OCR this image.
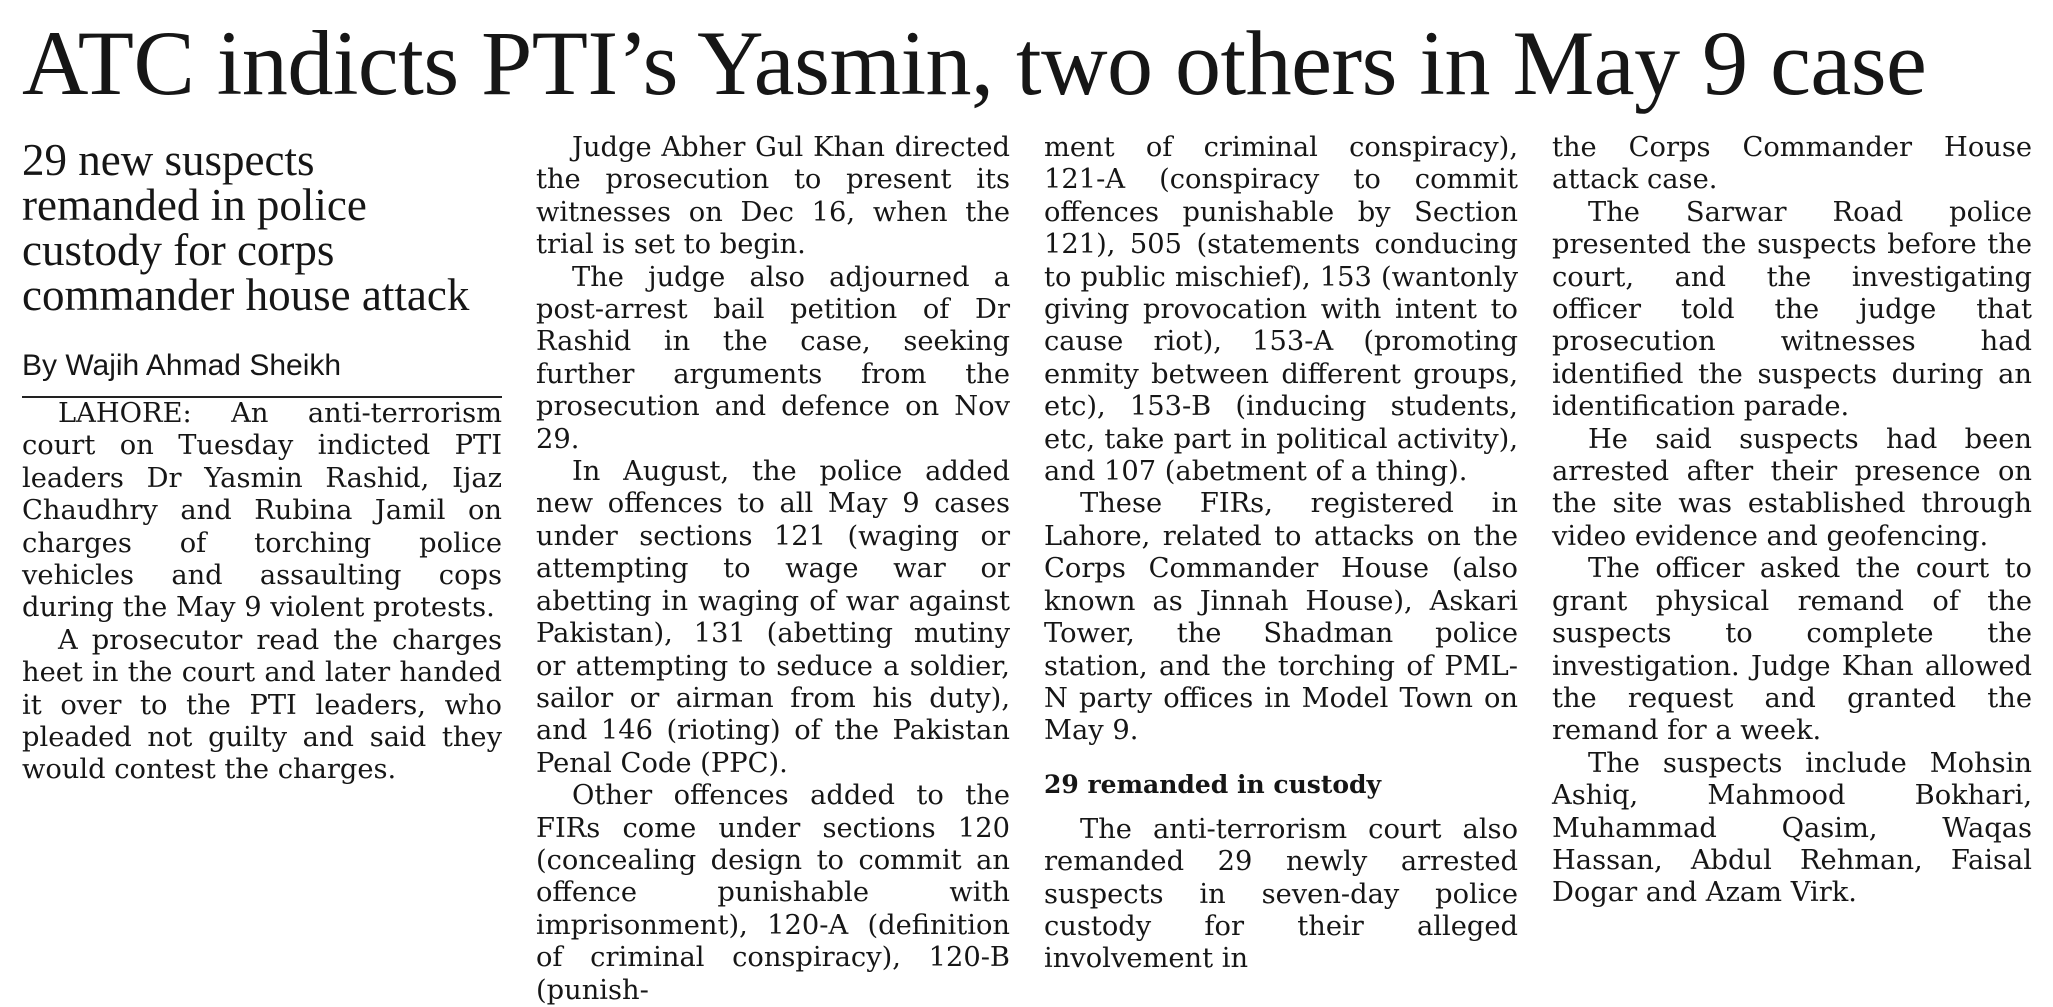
ATC indicts PTI’s Yasmin, two others in May 9 case
29 new suspects remanded in police custody for corps commander house attack
By Wajih Ahmad Sheikh

LAHORE: An anti-terrorism court on Tuesday indicted PTI leaders Dr Yasmin Rashid, Ijaz Chaudhry and Rubina Jamil on charges of torching police vehicles and assaulting cops during the May 9 violent protests.

A prosecutor read the charges heet in the court and later handed it over to the PTI leaders, who pleaded not guilty and said they would contest the charges.

Judge Abher Gul Khan directed the prosecution to present its witnesses on Dec 16, when the trial is set to begin.

The judge also adjourned a post-arrest bail petition of Dr Rashid in the case, seeking further arguments from the prosecution and defence on Nov 29.

In August, the police added new offences to all May 9 cases under sections 121 (waging or attempting to wage war or abetting in waging of war against Pakistan), 131 (abetting mutiny or attempting to seduce a soldier, sailor or airman from his duty), and 146 (rioting) of the Pakistan Penal Code (PPC).

Other offences added to the FIRs come under sections 120 (concealing design to commit an offence punishable with imprisonment), 120-A (definition of criminal conspiracy), 120-B (punish-

ment of criminal conspiracy), 121-A (conspiracy to commit offences punishable by Section 121), 505 (statements conducing to public mischief), 153 (wantonly giving provocation with intent to cause riot), 153-A (promoting enmity between different groups, etc), 153-B (inducing students, etc, take part in political activity), and 107 (abetment of a thing).

These FIRs, registered in Lahore, related to attacks on the Corps Commander House (also known as Jinnah House), Askari Tower, the Shadman police station, and the torching of PML-N party offices in Model Town on May 9.

29 remanded in custody

The anti-terrorism court also remanded 29 newly arrested suspects in seven-day police custody for their alleged involvement in

the Corps Commander House attack case.

The Sarwar Road police presented the suspects before the court, and the investigating officer told the judge that prosecution witnesses had identified the suspects during an identification parade.

He said suspects had been arrested after their presence on the site was established through video evidence and geofencing.

The officer asked the court to grant physical remand of the suspects to complete the investigation. Judge Khan allowed the request and granted the remand for a week.

The suspects include Mohsin Ashiq, Mahmood Bokhari, Muhammad Qasim, Waqas Hassan, Abdul Rehman, Faisal Dogar and Azam Virk.
